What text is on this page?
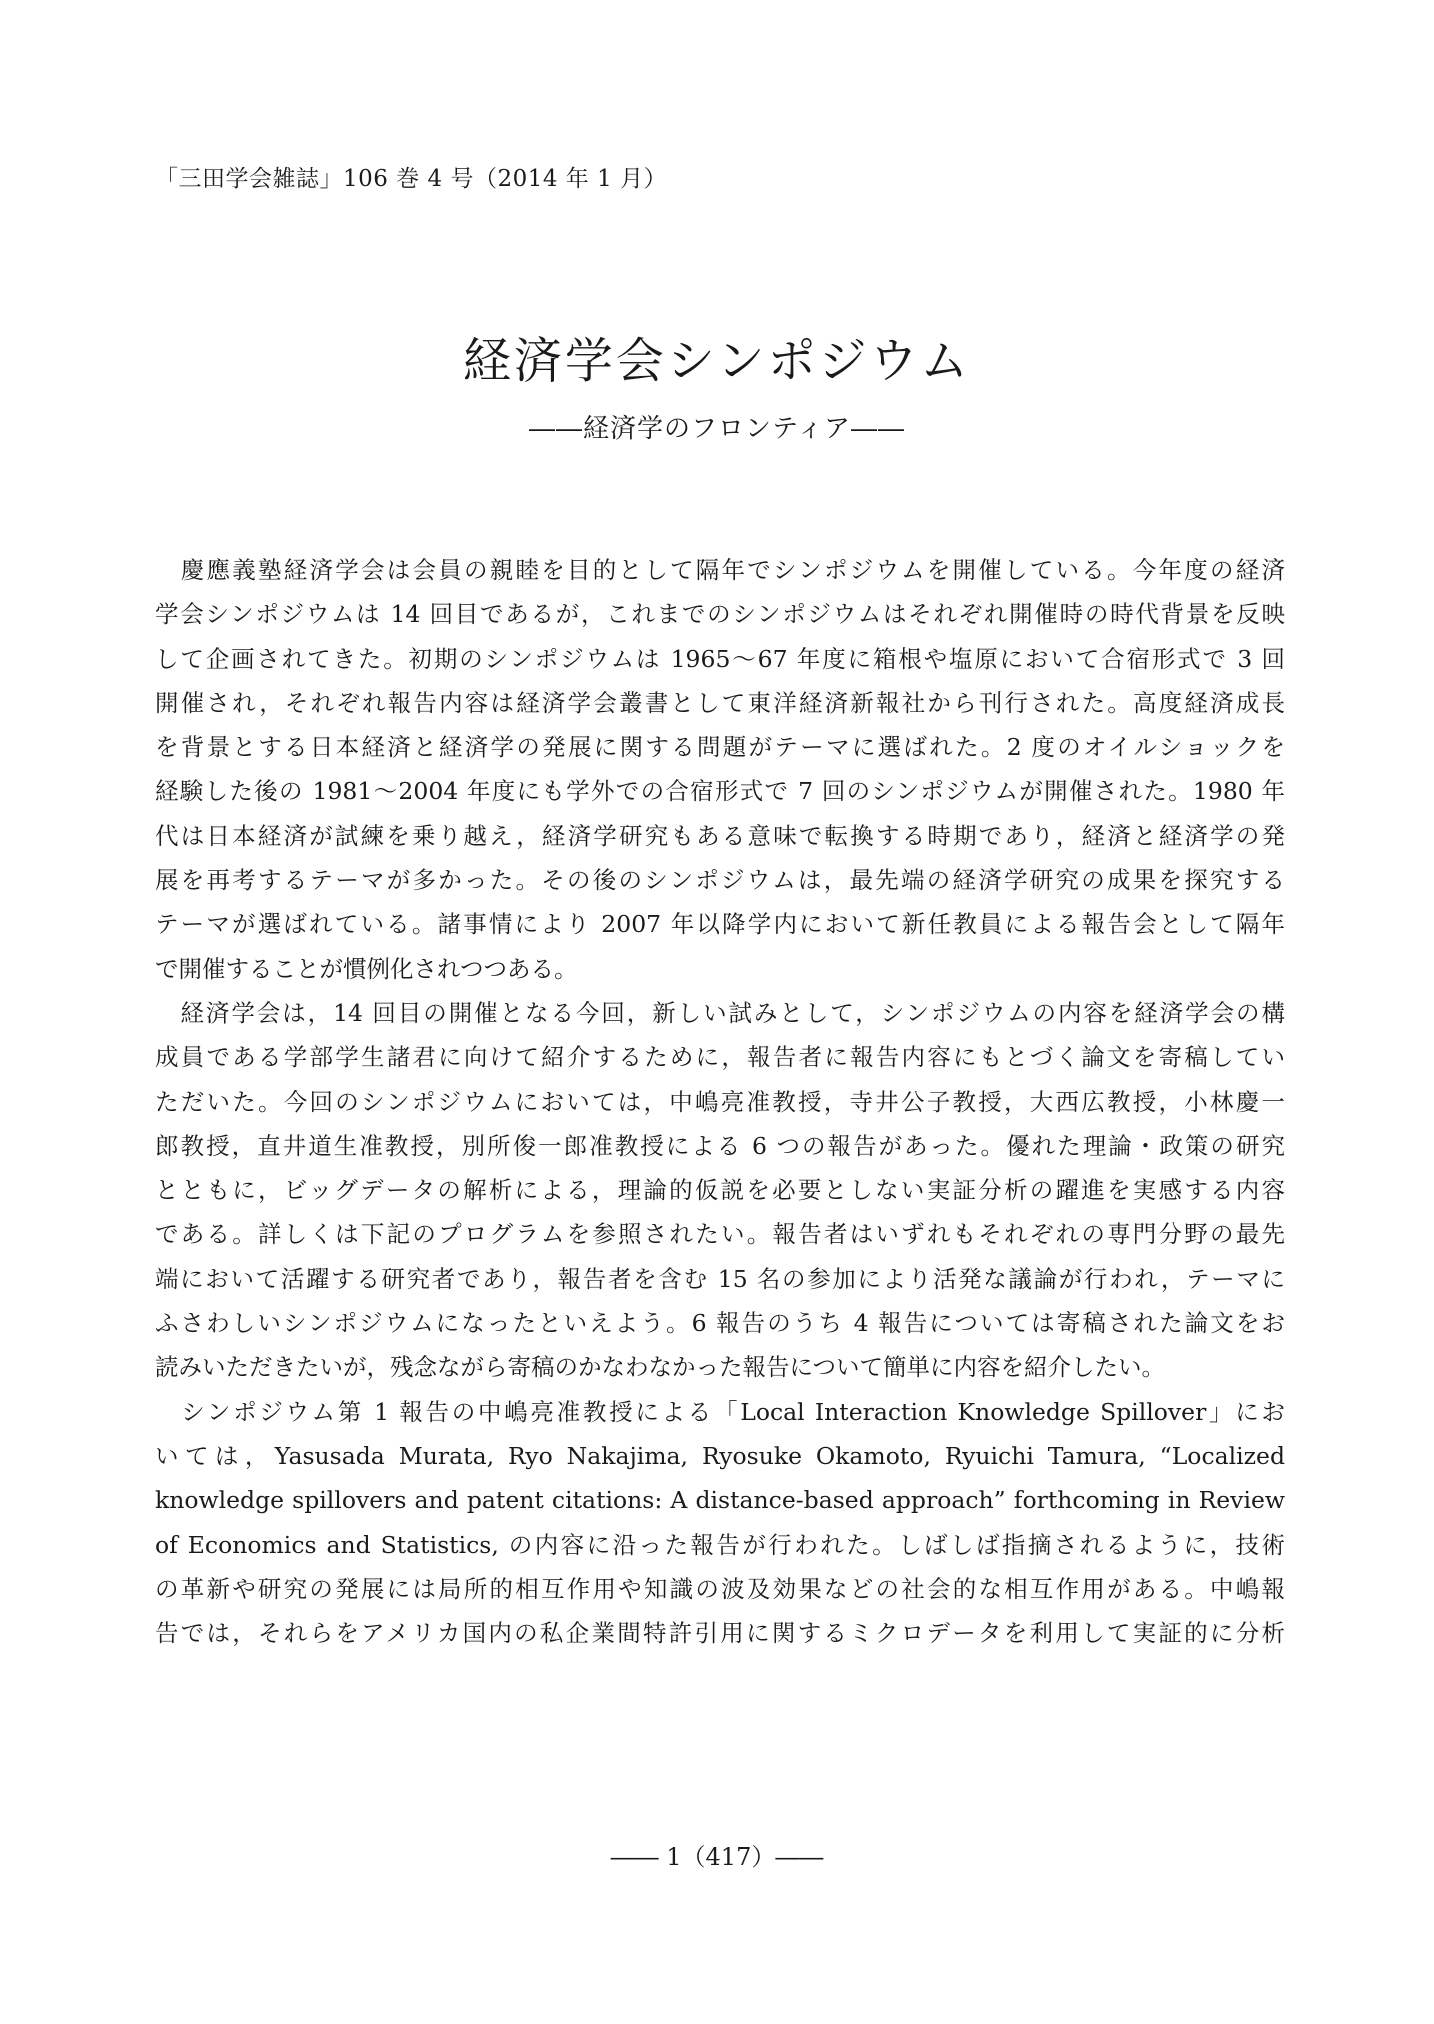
「三田学会雑誌」106 巻 4 号（2014 年 1 月）
経済学会シンポジウム
――経済学のフロンティア――
　慶應義塾経済学会は会員の親睦を目的として隔年でシンポジウムを開催している。今年度の経済
学会シンポジウムは 14 回目であるが，これまでのシンポジウムはそれぞれ開催時の時代背景を反映
して企画されてきた。初期のシンポジウムは 1965〜67 年度に箱根や塩原において合宿形式で 3 回
開催され，それぞれ報告内容は経済学会叢書として東洋経済新報社から刊行された。高度経済成長
を背景とする日本経済と経済学の発展に関する問題がテーマに選ばれた。2 度のオイルショックを
経験した後の 1981〜2004 年度にも学外での合宿形式で 7 回のシンポジウムが開催された。1980 年
代は日本経済が試練を乗り越え，経済学研究もある意味で転換する時期であり，経済と経済学の発
展を再考するテーマが多かった。その後のシンポジウムは，最先端の経済学研究の成果を探究する
テーマが選ばれている。諸事情により 2007 年以降学内において新任教員による報告会として隔年
で開催することが慣例化されつつある。
　経済学会は，14 回目の開催となる今回，新しい試みとして，シンポジウムの内容を経済学会の構
成員である学部学生諸君に向けて紹介するために，報告者に報告内容にもとづく論文を寄稿してい
ただいた。今回のシンポジウムにおいては，中嶋亮准教授，寺井公子教授，大西広教授，小林慶一
郎教授，直井道生准教授，別所俊一郎准教授による 6 つの報告があった。優れた理論・政策の研究
とともに，ビッグデータの解析による，理論的仮説を必要としない実証分析の躍進を実感する内容
である。詳しくは下記のプログラムを参照されたい。報告者はいずれもそれぞれの専門分野の最先
端において活躍する研究者であり，報告者を含む 15 名の参加により活発な議論が行われ，テーマに
ふさわしいシンポジウムになったといえよう。6 報告のうち 4 報告については寄稿された論文をお
読みいただきたいが，残念ながら寄稿のかなわなかった報告について簡単に内容を紹介したい。
　シンポジウム第 1 報告の中嶋亮准教授による「Local Interaction Knowledge Spillover」にお
いては，Yasusada Murata, Ryo Nakajima, Ryosuke Okamoto, Ryuichi Tamura, “Localized
knowledge spillovers and patent citations: A distance-based approach” forthcoming in Review
of Economics and Statistics, の内容に沿った報告が行われた。しばしば指摘されるように，技術
の革新や研究の発展には局所的相互作用や知識の波及効果などの社会的な相互作用がある。中嶋報
告では，それらをアメリカ国内の私企業間特許引用に関するミクロデータを利用して実証的に分析
―― 1（417）――
